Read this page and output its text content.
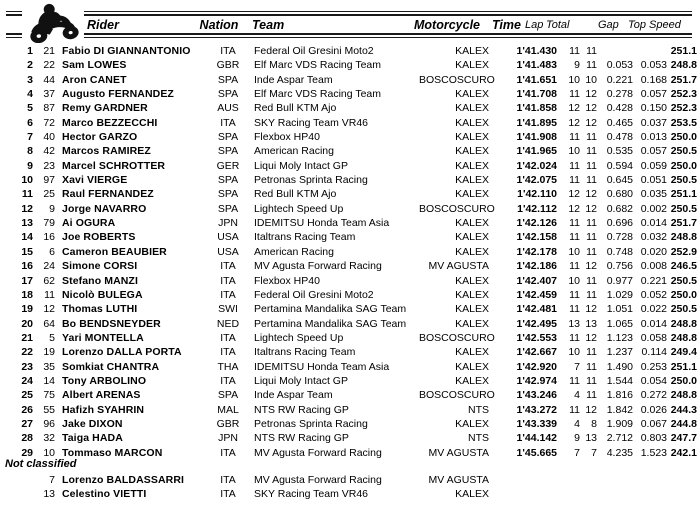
Rider	Nation Team	Motorcycle Time Lap Total	Gap Top Speed
1 21 Fabio DI GIANNANTONIO	ITA	Federal Oil Gresini Moto2	KALEX	1'41.430	11 11	251.1
2 22 Sam LOWES	GBR	Elf Marc VDS Racing Team	KALEX	1'41.483	9 11 0.053 0.053 248.8
3 44 Aron CANET	SPA	Inde Aspar Team	BOSCOSCURO	1'41.651	10 10 0.221 0.168 251.7
4 37 Augusto FERNANDEZ	SPA	Elf Marc VDS Racing Team	KALEX	1'41.708	11 12 0.278 0.057 252.3
5 87 Remy GARDNER	AUS	Red Bull KTM Ajo	KALEX	1'41.858	12 12 0.428 0.150 252.3
6 72 Marco BEZZECCHI	ITA	SKY Racing Team VR46	KALEX	1'41.895	12 12 0.465 0.037 253.5
7 40 Hector GARZO	SPA	Flexbox HP40	KALEX	1'41.908	11 11 0.478 0.013 250.0
8 42 Marcos RAMIREZ	SPA	American Racing	KALEX	1'41.965	10 11 0.535 0.057 250.5
9 23 Marcel SCHROTTER	GER	Liqui Moly Intact GP	KALEX	1'42.024	11 11 0.594 0.059 250.0
10 97 Xavi VIERGE	SPA	Petronas Sprinta Racing	KALEX	1'42.075	11 11 0.645 0.051 250.5
11 25 Raul FERNANDEZ	SPA	Red Bull KTM Ajo	KALEX	1'42.110	12 12 0.680 0.035 251.1
12	9 Jorge NAVARRO	SPA	Lightech Speed Up	BOSCOSCURO	1'42.112	12 12 0.682 0.002 250.5
13 79 Ai OGURA	JPN	IDEMITSU Honda Team Asia	KALEX	1'42.126	11 11 0.696 0.014 251.7
14 16 Joe ROBERTS	USA	Italtrans Racing Team	KALEX	1'42.158	11 11 0.728 0.032 248.8
15	6 Cameron BEAUBIER	USA	American Racing	KALEX	1'42.178	10 11 0.748 0.020 252.9
16 24 Simone CORSI	ITA	MV Agusta Forward Racing	MV AGUSTA	1'42.186	11 12 0.756 0.008 246.5
17 62 Stefano MANZI	ITA	Flexbox HP40	KALEX	1'42.407	10 11 0.977 0.221 250.5
18	11 Nicolò BULEGA	ITA	Federal Oil Gresini Moto2	KALEX	1'42.459	11 11 1.029 0.052 250.0
19 12 Thomas LUTHI	SWI	Pertamina Mandalika SAG Team	KALEX	1'42.481	11 12 1.051 0.022 250.5
20 64 Bo BENDSNEYDER	NED	Pertamina Mandalika SAG Team	KALEX	1'42.495	13 13 1.065 0.014 248.8
21	5 Yari MONTELLA	ITA	Lightech Speed Up	BOSCOSCURO	1'42.553	11 12 1.123 0.058 248.8
22 19 Lorenzo DALLA PORTA	ITA	Italtrans Racing Team	KALEX	1'42.667	10 11 1.237 0.114 249.4
23 35 Somkiat CHANTRA	THA	IDEMITSU Honda Team Asia	KALEX	1'42.920	7 11 1.490 0.253 251.1
24 14 Tony ARBOLINO	ITA	Liqui Moly Intact GP	KALEX	1'42.974	11 11 1.544 0.054 250.0
25 75 Albert ARENAS	SPA	Inde Aspar Team	BOSCOSCURO	1'43.246	4 11 1.816 0.272 248.8
26 55 Hafizh SYAHRIN	MAL	NTS RW Racing GP	NTS	1'43.272	11 12 1.842 0.026 244.3
27 96 Jake DIXON	GBR	Petronas Sprinta Racing	KALEX	1'43.339	4	8 1.909 0.067 244.8
28 32 Taiga HADA	JPN	NTS RW Racing GP	NTS	1'44.142	9 13 2.712 0.803 247.7
29 10 Tommaso MARCON	ITA	MV Agusta Forward Racing	MV AGUSTA	1'45.665	7	7 4.235 1.523 242.1
Not classified
7 Lorenzo BALDASSARRI	ITA	MV Agusta Forward Racing	MV AGUSTA
13 Celestino VIETTI	ITA	SKY Racing Team VR46	KALEX
